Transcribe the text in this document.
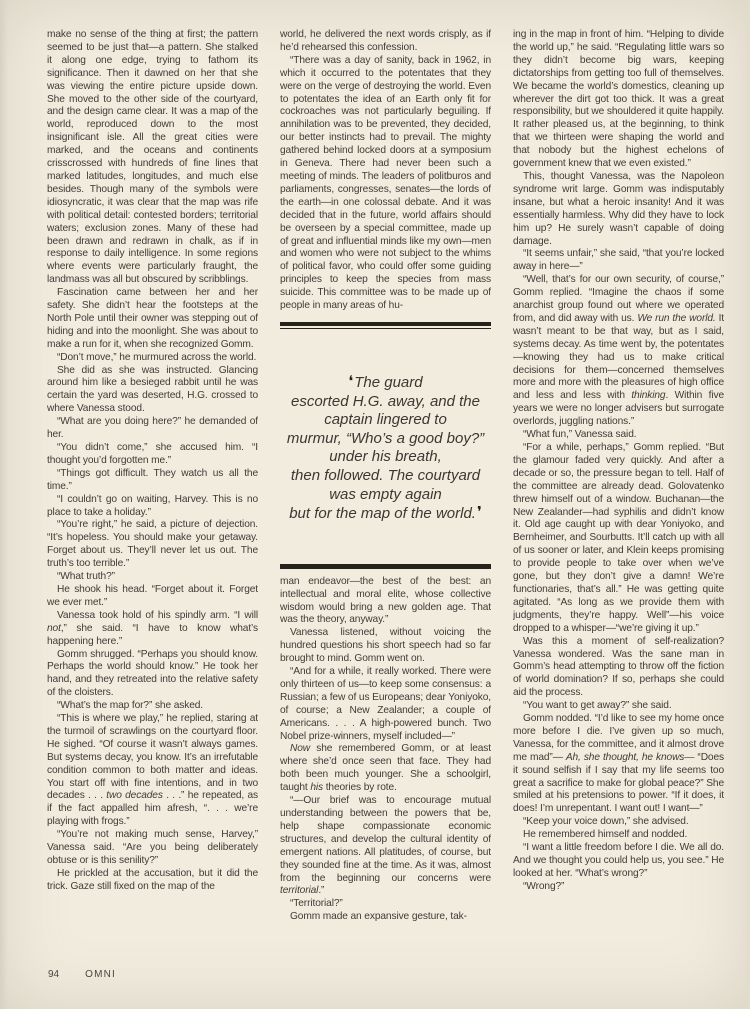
make no sense of the thing at first; the pattern seemed to be just that—a pattern. She stalked it along one edge, trying to fathom its significance. Then it dawned on her that she was viewing the entire picture upside down. She moved to the other side of the courtyard, and the design came clear. It was a map of the world, reproduced down to the most insignificant isle. All the great cities were marked, and the oceans and continents crisscrossed with hundreds of fine lines that marked latitudes, longitudes, and much else besides. Though many of the symbols were idiosyncratic, it was clear that the map was rife with political detail: contested borders; territorial waters; exclusion zones. Many of these had been drawn and redrawn in chalk, as if in response to daily intelligence. In some regions where events were particularly fraught, the landmass was all but obscured by scribblings.

Fascination came between her and her safety. She didn’t hear the footsteps at the North Pole until their owner was stepping out of hiding and into the moonlight. She was about to make a run for it, when she recognized Gomm.

“Don’t move,” he murmured across the world.

She did as she was instructed. Glancing around him like a besieged rabbit until he was certain the yard was deserted, H.G. crossed to where Vanessa stood.

“What are you doing here?” he demanded of her.

“You didn’t come,” she accused him. “I thought you’d forgotten me.”

“Things got difficult. They watch us all the time.”

“I couldn’t go on waiting, Harvey. This is no place to take a holiday.”

“You’re right,” he said, a picture of dejection. “It’s hopeless. You should make your getaway. Forget about us. They’ll never let us out. The truth’s too terrible.”

“What truth?”

He shook his head. “Forget about it. Forget we ever met.”

Vanessa took hold of his spindly arm. “I will not,” she said. “I have to know what’s happening here.”

Gomm shrugged. “Perhaps you should know. Perhaps the world should know.” He took her hand, and they retreated into the relative safety of the cloisters.

“What’s the map for?” she asked.

“This is where we play,” he replied, staring at the turmoil of scrawlings on the courtyard floor. He sighed. “Of course it wasn’t always games. But systems decay, you know. It’s an irrefutable condition common to both matter and ideas. You start off with fine intentions, and in two decades . . . two decades . . .” he repeated, as if the fact appalled him afresh, “. . . we’re playing with frogs.”

“You’re not making much sense, Harvey,” Vanessa said. “Are you being deliberately obtuse or is this senility?”

He prickled at the accusation, but it did the trick. Gaze still fixed on the map of the

world, he delivered the next words crisply, as if he’d rehearsed this confession.

“There was a day of sanity, back in 1962, in which it occurred to the potentates that they were on the verge of destroying the world. Even to potentates the idea of an Earth only fit for cockroaches was not particularly beguiling. If annihilation was to be prevented, they decided, our better instincts had to prevail. The mighty gathered behind locked doors at a symposium in Geneva. There had never been such a meeting of minds. The leaders of politburos and parliaments, congresses, senates—the lords of the earth—in one colossal debate. And it was decided that in the future, world affairs should be overseen by a special committee, made up of great and influential minds like my own—men and women who were not subject to the whims of political favor, who could offer some guiding principles to keep the species from mass suicide. This committee was to be made up of people in many areas of hu-

❛The guard
escorted H.G. away, and the
captain lingered to
murmur, “Who’s a good boy?”
under his breath,
then followed. The courtyard
was empty again
but for the map of the world.❜

man endeavor—the best of the best: an intellectual and moral elite, whose collective wisdom would bring a new golden age. That was the theory, anyway.”

Vanessa listened, without voicing the hundred questions his short speech had so far brought to mind. Gomm went on.

“And for a while, it really worked. There were only thirteen of us—to keep some consensus: a Russian; a few of us Europeans; dear Yoniyoko, of course; a New Zealander; a couple of Americans. . . . A high-powered bunch. Two Nobel prize-winners, myself included—”

Now she remembered Gomm, or at least where she’d once seen that face. They had both been much younger. She a schoolgirl, taught his theories by rote.

“—Our brief was to encourage mutual understanding between the powers that be, help shape compassionate economic structures, and develop the cultural identity of emergent nations. All platitudes, of course, but they sounded fine at the time. As it was, almost from the beginning our concerns were territorial.”

“Territorial?”

Gomm made an expansive gesture, tak-

ing in the map in front of him. “Helping to divide the world up,” he said. “Regulating little wars so they didn’t become big wars, keeping dictatorships from getting too full of themselves. We became the world’s domestics, cleaning up wherever the dirt got too thick. It was a great responsibility, but we shouldered it quite happily. It rather pleased us, at the beginning, to think that we thirteen were shaping the world and that nobody but the highest echelons of government knew that we even existed.”

This, thought Vanessa, was the Napoleon syndrome writ large. Gomm was indisputably insane, but what a heroic insanity! And it was essentially harmless. Why did they have to lock him up? He surely wasn’t capable of doing damage.

“It seems unfair,” she said, “that you’re locked away in here—”

“Well, that’s for our own security, of course,” Gomm replied. “Imagine the chaos if some anarchist group found out where we operated from, and did away with us. We run the world. It wasn’t meant to be that way, but as I said, systems decay. As time went by, the potentates—knowing they had us to make critical decisions for them—concerned themselves more and more with the pleasures of high office and less and less with thinking. Within five years we were no longer advisers but surrogate overlords, juggling nations.”

“What fun,” Vanessa said.

“For a while, perhaps,” Gomm replied. “But the glamour faded very quickly. And after a decade or so, the pressure began to tell. Half of the committee are already dead. Golovatenko threw himself out of a window. Buchanan—the New Zealander—had syphilis and didn’t know it. Old age caught up with dear Yoniyoko, and Bernheimer, and Sourbutts. It’ll catch up with all of us sooner or later, and Klein keeps promising to provide people to take over when we’ve gone, but they don’t give a damn! We’re functionaries, that’s all.” He was getting quite agitated. “As long as we provide them with judgments, they’re happy. Well”—his voice dropped to a whisper—“we’re giving it up.”

Was this a moment of self-realization? Vanessa wondered. Was the sane man in Gomm’s head attempting to throw off the fiction of world domination? If so, perhaps she could aid the process.

“You want to get away?” she said.

Gomm nodded. “I’d like to see my home once more before I die. I’ve given up so much, Vanessa, for the committee, and it almost drove me mad”— Ah, she thought, he knows— “Does it sound selfish if I say that my life seems too great a sacrifice to make for global peace?” She smiled at his pretensions to power. “If it does, it does! I’m unrepentant. I want out! I want—”

“Keep your voice down,” she advised.

He remembered himself and nodded.

“I want a little freedom before I die. We all do. And we thought you could help us, you see.” He looked at her. “What’s wrong?”

“Wrong?”

94	OMNI
